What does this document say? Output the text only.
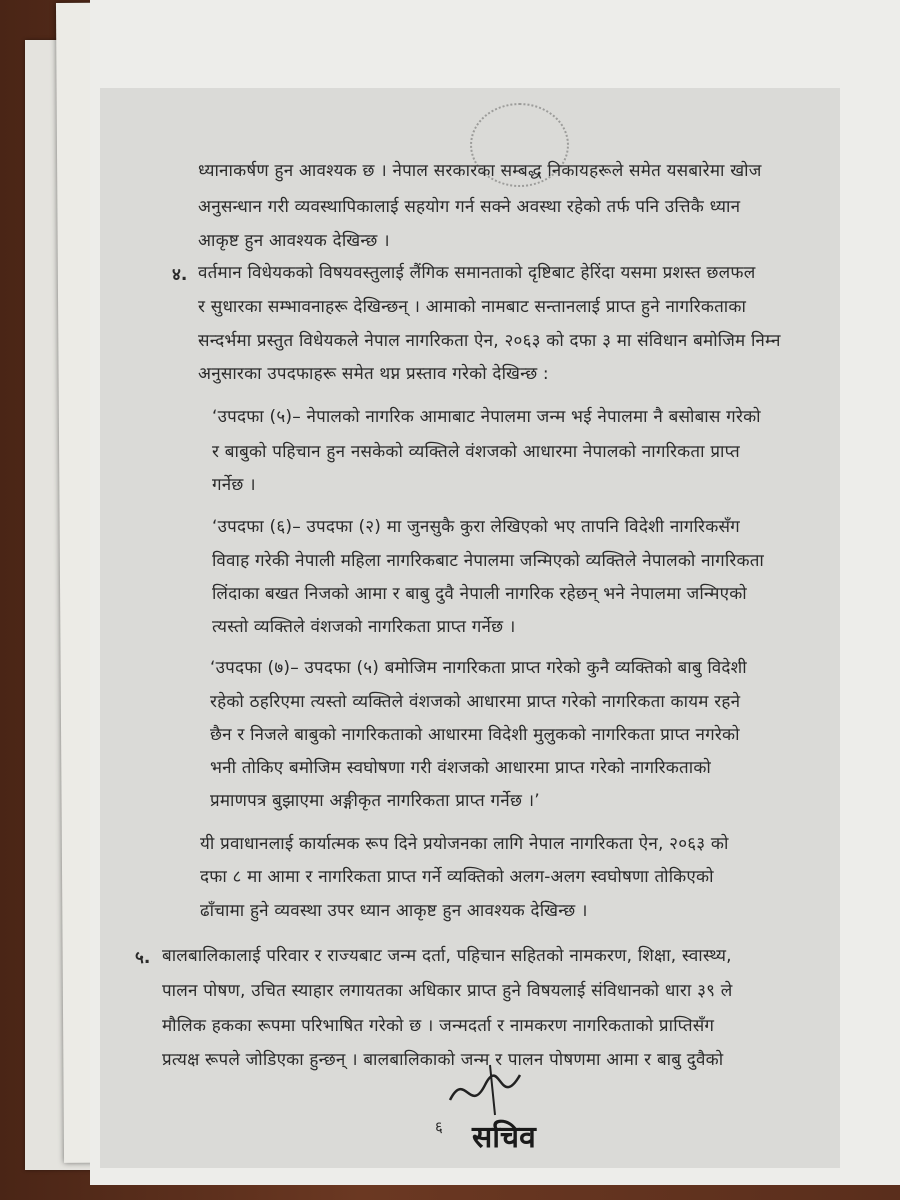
ध्यानाकर्षण हुन आवश्यक छ । नेपाल सरकारका सम्बद्ध निकायहरूले समेत यसबारेमा खोज
अनुसन्धान गरी व्यवस्थापिकालाई सहयोग गर्न सक्ने अवस्था रहेको तर्फ पनि उत्तिकै ध्यान
आकृष्ट हुन आवश्यक देखिन्छ ।
४. वर्तमान विधेयकको विषयवस्तुलाई लैंगिक समानताको दृष्टिबाट हेरिंदा यसमा प्रशस्त छलफल
र सुधारका सम्भावनाहरू देखिन्छन् । आमाको नामबाट सन्तानलाई प्राप्त हुने नागरिकताका
सन्दर्भमा प्रस्तुत विधेयकले नेपाल नागरिकता ऐन, २०६३ को दफा ३ मा संविधान बमोजिम निम्न
अनुसारका उपदफाहरू समेत थप्न प्रस्ताव गरेको देखिन्छ :
‘उपदफा (५)– नेपालको नागरिक आमाबाट नेपालमा जन्म भई नेपालमा नै बसोबास गरेको
र बाबुको पहिचान हुन नसकेको व्यक्तिले वंशजको आधारमा नेपालको नागरिकता प्राप्त
गर्नेछ ।
‘उपदफा (६)– उपदफा (२) मा जुनसुकै कुरा लेखिएको भए तापनि विदेशी नागरिकसँग
विवाह गरेकी नेपाली महिला नागरिकबाट नेपालमा जन्मिएको व्यक्तिले नेपालको नागरिकता
लिंदाका बखत निजको आमा र बाबु दुवै नेपाली नागरिक रहेछन् भने नेपालमा जन्मिएको
त्यस्तो व्यक्तिले वंशजको नागरिकता प्राप्त गर्नेछ ।
‘उपदफा (७)– उपदफा (५) बमोजिम नागरिकता प्राप्त गरेको कुनै व्यक्तिको बाबु विदेशी
रहेको ठहरिएमा त्यस्तो व्यक्तिले वंशजको आधारमा प्राप्त गरेको नागरिकता कायम रहने
छैन र निजले बाबुको नागरिकताको आधारमा विदेशी मुलुकको नागरिकता प्राप्त नगरेको
भनी तोकिए बमोजिम स्वघोषणा गरी वंशजको आधारमा प्राप्त गरेको नागरिकताको
प्रमाणपत्र बुझाएमा अङ्गीकृत नागरिकता प्राप्त गर्नेछ ।’
यी प्रवाधानलाई कार्यात्मक रूप दिने प्रयोजनका लागि नेपाल नागरिकता ऐन, २०६३ को
दफा ८ मा आमा र नागरिकता प्राप्त गर्ने व्यक्तिको अलग-अलग स्वघोषणा तोकिएको
ढाँचामा हुने व्यवस्था उपर ध्यान आकृष्ट हुन आवश्यक देखिन्छ ।
५. बालबालिकालाई परिवार र राज्यबाट जन्म दर्ता, पहिचान सहितको नामकरण, शिक्षा, स्वास्थ्य,
पालन पोषण, उचित स्याहार लगायतका अधिकार प्राप्त हुने विषयलाई संविधानको धारा ३९ ले
मौलिक हकका रूपमा परिभाषित गरेको छ । जन्मदर्ता र नामकरण नागरिकताको प्राप्तिसँग
प्रत्यक्ष रूपले जोडिएका हुन्छन् । बालबालिकाको जन्म र पालन पोषणमा आमा र बाबु दुवैको
६ सचिव
